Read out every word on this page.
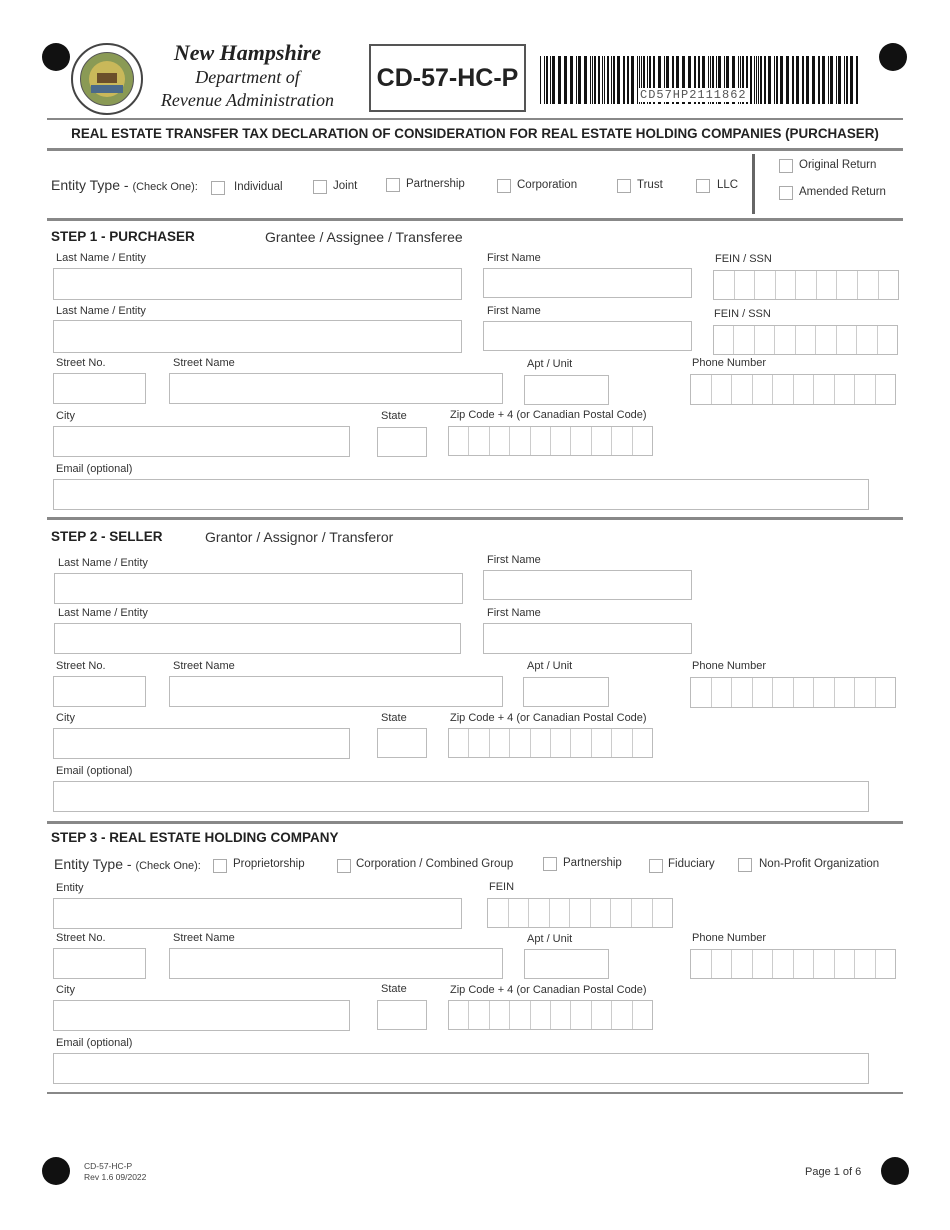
New Hampshire
Department of
Revenue Administration
CD-57-HC-P
CD57HP2111862
REAL ESTATE TRANSFER TAX DECLARATION OF CONSIDERATION FOR REAL ESTATE HOLDING COMPANIES (PURCHASER)
Entity Type - (Check One):	Individual	Joint	Partnership	Corporation	Trust	LLC
Original Return
Amended Return
STEP 1 - PURCHASER	Grantee / Assignee / Transferee
Last Name / Entity	First Name	FEIN / SSN
Last Name / Entity	First Name	FEIN / SSN
Street No.	Street Name	Apt / Unit	Phone Number
City	State	Zip Code + 4 (or Canadian Postal Code)
Email (optional)
STEP 2 - SELLER	Grantor / Assignor / Transferor
Last Name / Entity	First Name
Last Name / Entity	First Name
Street No.	Street Name	Apt / Unit	Phone Number
City	State	Zip Code + 4 (or Canadian Postal Code)
Email (optional)
STEP 3 - REAL ESTATE HOLDING COMPANY
Entity Type - (Check One):	Proprietorship	Corporation / Combined Group	Partnership	Fiduciary	Non-Profit Organization
Entity	FEIN
Street No.	Street Name	Apt / Unit	Phone Number
City	State	Zip Code + 4 (or Canadian Postal Code)
Email (optional)
CD-57-HC-P
Rev 1.6 09/2022	Page 1 of 6
